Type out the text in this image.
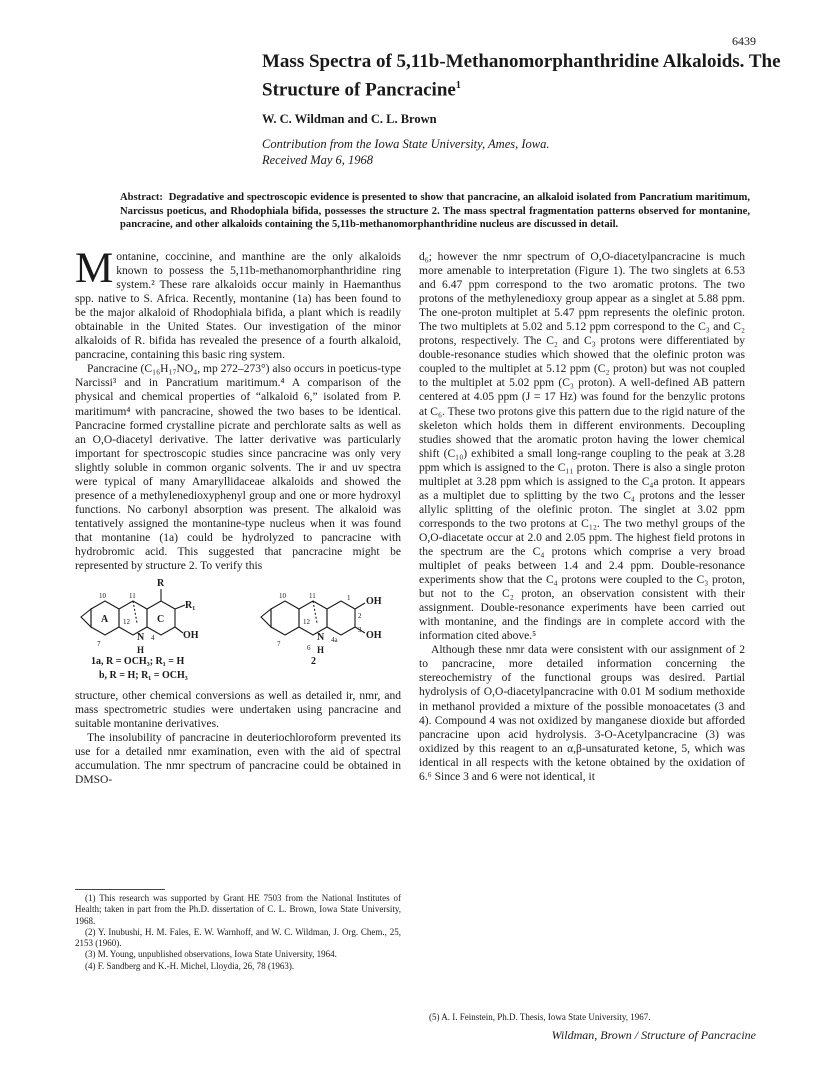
6439
Mass Spectra of 5,11b-Methanomorphanthridine Alkaloids. The Structure of Pancracine$^1$
W. C. Wildman and C. L. Brown
Contribution from the Iowa State University, Ames, Iowa.
Received May 6, 1968
Abstract: Degradative and spectroscopic evidence is presented to show that pancracine, an alkaloid isolated from Pancratium maritimum, Narcissus poeticus, and Rhodophiala bifida, possesses the structure 2. The mass spectral fragmentation patterns observed for montanine, pancracine, and other alkaloids containing the 5,11b-methanomorphanthridine nucleus are discussed in detail.

Montanine, coccinine, and manthine are the only alkaloids known to possess the 5,11b-methanomorphanthridine ring system.² These rare alkaloids occur mainly in Haemanthus spp. native to S. Africa. Recently, montanine (1a) has been found to be the major alkaloid of Rhodophiala bifida, a plant which is readily obtainable in the United States. Our investigation of the minor alkaloids of R. bifida has revealed the presence of a fourth alkaloid, pancracine, containing this basic ring system.

Pancracine (C₁₆H₁₇NO₄, mp 272–273°) also occurs in poeticus-type Narcissi³ and in Pancratium maritimum.⁴ A comparison of the physical and chemical properties of “alkaloid 6,” isolated from P. maritimum⁴ with pancracine, showed the two bases to be identical. Pancracine formed crystalline picrate and perchlorate salts as well as an O,O-diacetyl derivative. The latter derivative was particularly important for spectroscopic studies since pancracine was only very slightly soluble in common organic solvents. The ir and uv spectra were typical of many Amaryllidaceae alkaloids and showed the presence of a methylenedioxyphenyl group and one or more hydroxyl functions. No carbonyl absorption was present. The alkaloid was tentatively assigned the montanine-type nucleus when it was found that montanine (1a) could be hydrolyzed to pancracine with hydrobromic acid. This suggested that pancracine might be represented by structure 2. To verify this

R
R₁
OH
N
H
A	C
10	11
12
4
7
OH
OH
N
H
10	11
12
1
2
3
4a
6
7
1a, R = OCH₃; R₁ = H
b, R = H; R₁ = OCH₃
2

structure, other chemical conversions as well as detailed ir, nmr, and mass spectrometric studies were undertaken using pancracine and suitable montanine derivatives.

The insolubility of pancracine in deuteriochloroform prevented its use for a detailed nmr examination, even with the aid of spectral accumulation. The nmr spectrum of pancracine could be obtained in DMSO-

(1) This research was supported by Grant HE 7503 from the National Institutes of Health; taken in part from the Ph.D. dissertation of C. L. Brown, Iowa State University, 1968.

(2) Y. Inubushi, H. M. Fales, E. W. Warnhoff, and W. C. Wildman, J. Org. Chem., 25, 2153 (1960).

(3) M. Young, unpublished observations, Iowa State University, 1964.

(4) F. Sandberg and K.-H. Michel, Lloydia, 26, 78 (1963).

d₆; however the nmr spectrum of O,O-diacetylpancracine is much more amenable to interpretation (Figure 1). The two singlets at 6.53 and 6.47 ppm correspond to the two aromatic protons. The two protons of the methylenedioxy group appear as a singlet at 5.88 ppm. The one-proton multiplet at 5.47 ppm represents the olefinic proton. The two multiplets at 5.02 and 5.12 ppm correspond to the C₃ and C₂ protons, respectively. The C₂ and C₃ protons were differentiated by double-resonance studies which showed that the olefinic proton was coupled to the multiplet at 5.12 ppm (C₂ proton) but was not coupled to the multiplet at 5.02 ppm (C₃ proton). A well-defined AB pattern centered at 4.05 ppm (J = 17 Hz) was found for the benzylic protons at C₆. These two protons give this pattern due to the rigid nature of the skeleton which holds them in different environments. Decoupling studies showed that the aromatic proton having the lower chemical shift (C₁₀) exhibited a small long-range coupling to the peak at 3.28 ppm which is assigned to the C₁₁ proton. There is also a single proton multiplet at 3.28 ppm which is assigned to the C₄a proton. It appears as a multiplet due to splitting by the two C₄ protons and the lesser allylic splitting of the olefinic proton. The singlet at 3.02 ppm corresponds to the two protons at C₁₂. The two methyl groups of the O,O-diacetate occur at 2.0 and 2.05 ppm. The highest field protons in the spectrum are the C₄ protons which comprise a very broad multiplet of peaks between 1.4 and 2.4 ppm. Double-resonance experiments show that the C₄ protons were coupled to the C₃ proton, but not to the C₂ proton, an observation consistent with their assignment. Double-resonance experiments have been carried out with montanine, and the findings are in complete accord with the information cited above.⁵

Although these nmr data were consistent with our assignment of 2 to pancracine, more detailed information concerning the stereochemistry of the functional groups was desired. Partial hydrolysis of O,O-diacetylpancracine with 0.01 M sodium methoxide in methanol provided a mixture of the possible monoacetates (3 and 4). Compound 4 was not oxidized by manganese dioxide but afforded pancracine upon acid hydrolysis. 3-O-Acetylpancracine (3) was oxidized by this reagent to an α,β-unsaturated ketone, 5, which was identical in all respects with the ketone obtained by the oxidation of 6.⁶ Since 3 and 6 were not identical, it

(5) A. I. Feinstein, Ph.D. Thesis, Iowa State University, 1967.

Wildman, Brown / Structure of Pancracine
